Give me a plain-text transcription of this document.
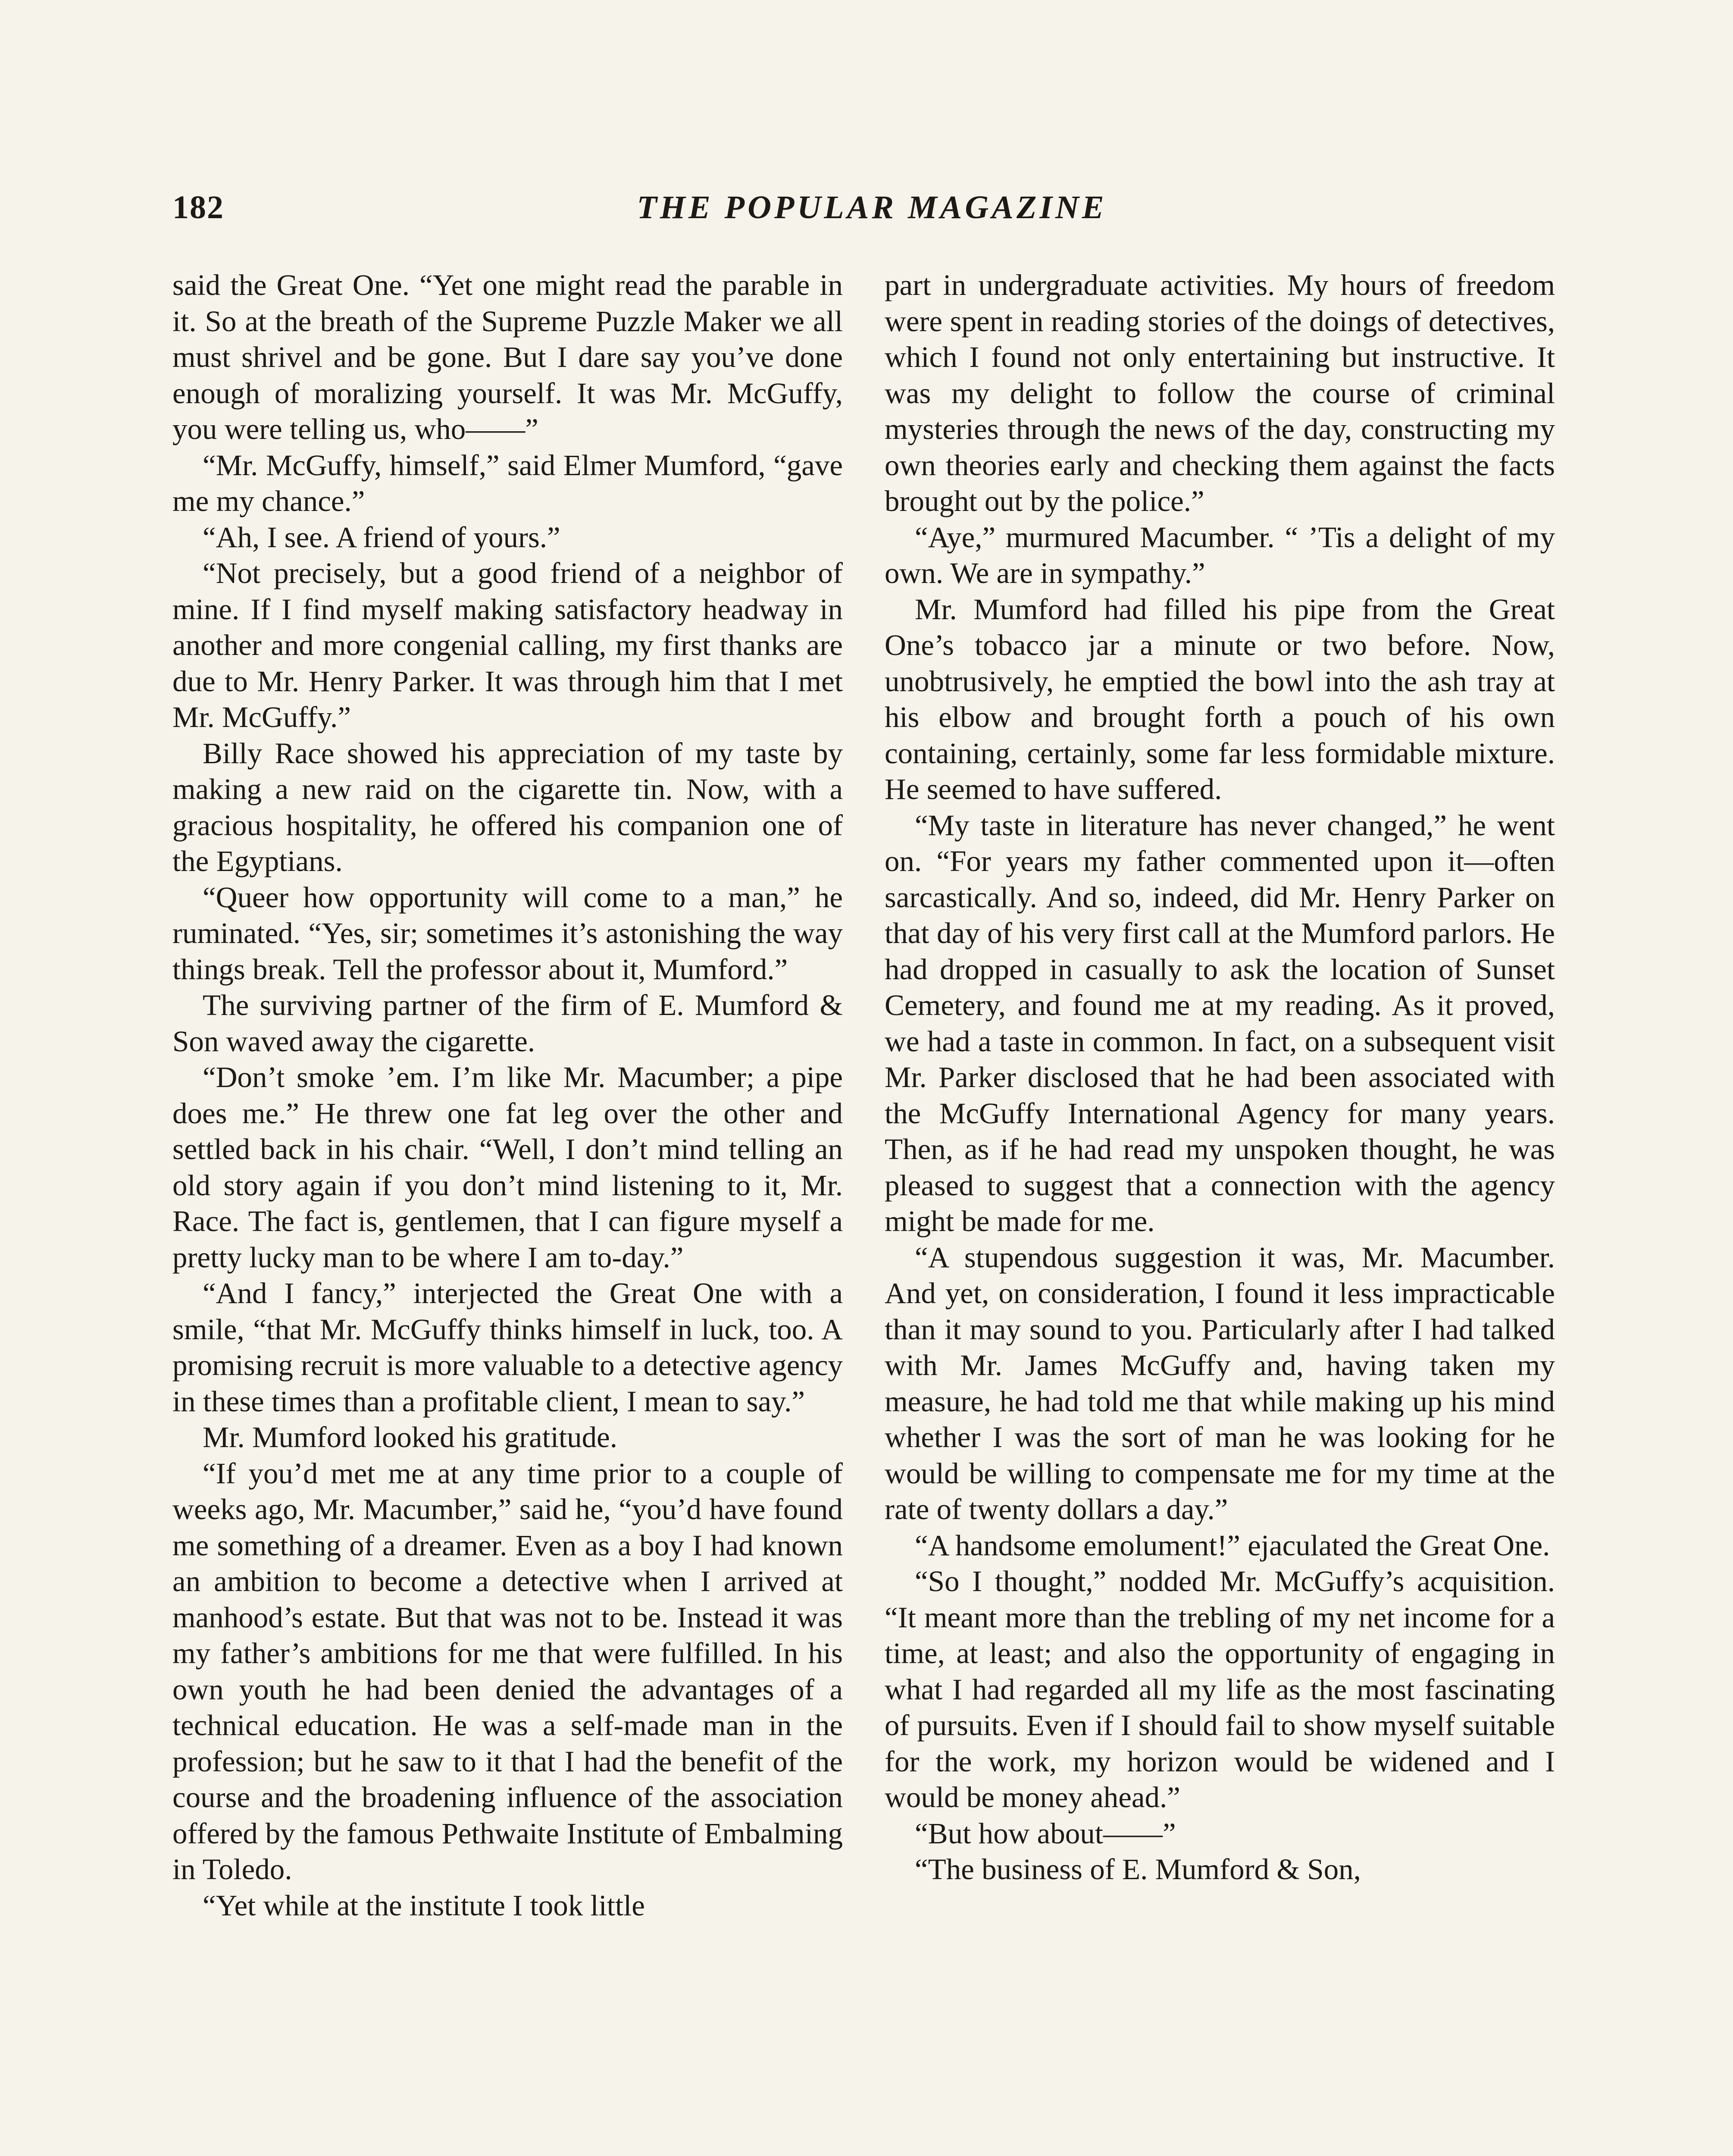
182	THE POPULAR MAGAZINE

said the Great One. “Yet one might read the parable in it. So at the breath of the Supreme Puzzle Maker we all must shrivel and be gone. But I dare say you’ve done enough of moralizing yourself. It was Mr. McGuffy, you were telling us, who——”

“Mr. McGuffy, himself,” said Elmer Mumford, “gave me my chance.”

“Ah, I see. A friend of yours.”

“Not precisely, but a good friend of a neighbor of mine. If I find myself making satisfactory headway in another and more congenial calling, my first thanks are due to Mr. Henry Parker. It was through him that I met Mr. McGuffy.”

Billy Race showed his appreciation of my taste by making a new raid on the cigarette tin. Now, with a gracious hospitality, he offered his companion one of the Egyptians.

“Queer how opportunity will come to a man,” he ruminated. “Yes, sir; sometimes it’s astonishing the way things break. Tell the professor about it, Mumford.”

The surviving partner of the firm of E. Mumford & Son waved away the cigarette.

“Don’t smoke ’em. I’m like Mr. Macumber; a pipe does me.” He threw one fat leg over the other and settled back in his chair. “Well, I don’t mind telling an old story again if you don’t mind listening to it, Mr. Race. The fact is, gentlemen, that I can figure myself a pretty lucky man to be where I am to-day.”

“And I fancy,” interjected the Great One with a smile, “that Mr. McGuffy thinks himself in luck, too. A promising recruit is more valuable to a detective agency in these times than a profitable client, I mean to say.”

Mr. Mumford looked his gratitude.

“If you’d met me at any time prior to a couple of weeks ago, Mr. Macumber,” said he, “you’d have found me something of a dreamer. Even as a boy I had known an ambition to become a detective when I arrived at manhood’s estate. But that was not to be. Instead it was my father’s ambitions for me that were fulfilled. In his own youth he had been denied the advantages of a technical education. He was a self-made man in the profession; but he saw to it that I had the benefit of the course and the broadening influence of the association offered by the famous Pethwaite Institute of Embalming in Toledo.

“Yet while at the institute I took little

part in undergraduate activities. My hours of freedom were spent in reading stories of the doings of detectives, which I found not only entertaining but instructive. It was my delight to follow the course of criminal mysteries through the news of the day, constructing my own theories early and checking them against the facts brought out by the police.”

“Aye,” murmured Macumber. “ ’Tis a delight of my own. We are in sympathy.”

Mr. Mumford had filled his pipe from the Great One’s tobacco jar a minute or two before. Now, unobtrusively, he emptied the bowl into the ash tray at his elbow and brought forth a pouch of his own containing, certainly, some far less formidable mixture. He seemed to have suffered.

“My taste in literature has never changed,” he went on. “For years my father commented upon it—often sarcastically. And so, indeed, did Mr. Henry Parker on that day of his very first call at the Mumford parlors. He had dropped in casually to ask the location of Sunset Cemetery, and found me at my reading. As it proved, we had a taste in common. In fact, on a subsequent visit Mr. Parker disclosed that he had been associated with the McGuffy International Agency for many years. Then, as if he had read my unspoken thought, he was pleased to suggest that a connection with the agency might be made for me.

“A stupendous suggestion it was, Mr. Macumber. And yet, on consideration, I found it less impracticable than it may sound to you. Particularly after I had talked with Mr. James McGuffy and, having taken my measure, he had told me that while making up his mind whether I was the sort of man he was looking for he would be willing to compensate me for my time at the rate of twenty dollars a day.”

“A handsome emolument!” ejaculated the Great One.

“So I thought,” nodded Mr. McGuffy’s acquisition. “It meant more than the trebling of my net income for a time, at least; and also the opportunity of engaging in what I had regarded all my life as the most fascinating of pursuits. Even if I should fail to show myself suitable for the work, my horizon would be widened and I would be money ahead.”

“But how about——”

“The business of E. Mumford & Son,
